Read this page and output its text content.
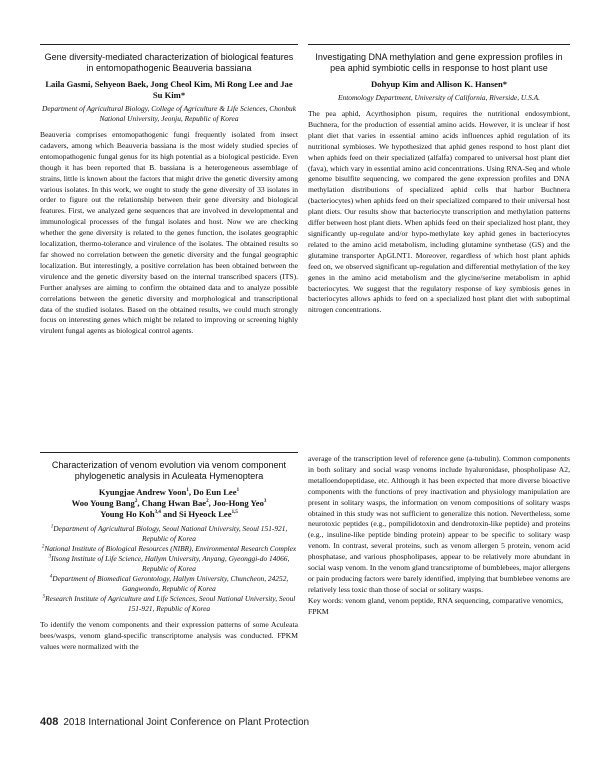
Gene diversity-mediated characterization of biological features in entomopathogenic Beauveria bassiana
Laila Gasmi, Sehyeon Baek, Jong Cheol Kim, Mi Rong Lee and Jae Su Kim*
Department of Agricultural Biology, College of Agriculture & Life Sciences, Chonbuk National University, Jeonju, Republic of Korea

Beauveria comprises entomopathogenic fungi frequently isolated from insect cadavers, among which Beauveria bassiana is the most widely studied species of entomopathogenic fungal genus for its high potential as a biological pesticide. Even though it has been reported that B. bassiana is a heterogeneous assemblage of strains, little is known about the factors that might drive the genetic diversity among various isolates. In this work, we ought to study the gene diversity of 33 isolates in order to figure out the relationship between their gene diversity and biological features. First, we analyzed gene sequences that are involved in developmental and immunological processes of the fungal isolates and host. Now we are checking whether the gene diversity is related to the genes function, the isolates geographic localization, thermo-tolerance and virulence of the isolates. The obtained results so far showed no correlation between the genetic diversity and the fungal geographic localization. But interestingly, a positive correlation has been obtained between the virulence and the genetic diversity based on the internal transcribed spacers (ITS). Further analyses are aiming to confirm the obtained data and to analyze possible correlations between the genetic diversity and morphological and transcriptional data of the studied isolates. Based on the obtained results, we could much strongly focus on interesting genes which might be related to improving or screening highly virulent fungal agents as biological control agents.

Investigating DNA methylation and gene expression profiles in pea aphid symbiotic cells in response to host plant use
Dohyup Kim and Allison K. Hansen*
Entomology Department, University of California, Riverside, U.S.A.

The pea aphid, Acyrthosiphon pisum, requires the nutritional endosymbiont, Buchnera, for the production of essential amino acids. However, it is unclear if host plant diet that varies in essential amino acids influences aphid regulation of its nutritional symbioses. We hypothesized that aphid genes respond to host plant diet when aphids feed on their specialized (alfalfa) compared to universal host plant diet (fava), which vary in essential amino acid concentrations. Using RNA-Seq and whole genome bisulfite sequencing, we compared the gene expression profiles and DNA methylation distributions of specialized aphid cells that harbor Buchnera (bacteriocytes) when aphids feed on their specialized compared to their universal host plant diets. Our results show that bacteriocyte transcription and methylation patterns differ between host plant diets. When aphids feed on their specialized host plant, they significantly up-regulate and/or hypo-methylate key aphid genes in bacteriocytes related to the amino acid metabolism, including glutamine synthetase (GS) and the glutamine transporter ApGLNT1. Moreover, regardless of which host plant aphids feed on, we observed significant up-regulation and differential methylation of the key genes in the amino acid metabolism and the glycine/serine metabolism in aphid bacteriocytes. We suggest that the regulatory response of key symbiosis genes in bacteriocytes allows aphids to feed on a specialized host plant diet with suboptimal nitrogen concentrations.

Characterization of venom evolution via venom component phylogenetic analysis in Aculeata Hymenoptera
Kyungjae Andrew Yoon$^1$, Do Eun Lee$^1$
Woo Young Bang$^2$, Chang Hwan Bae$^2$, Joo-Hong Yeo$^3$
Young Ho Koh$^{3,4}$ and Si Hyeock Lee$^{1,5}$
$^1$Department of Agricultural Biology, Seoul National University, Seoul 151-921, Republic of Korea
$^2$National Institute of Biological Resources (NIBR), Environmental Research Complex
$^3$Ilsong Institute of Life Science, Hallym University, Anyang, Gyeonggi-do 14066, Republic of Korea
$^4$Department of Biomedical Gerontology, Hallym University, Chuncheon, 24252, Gangwondo, Republic of Korea
$^5$Research Institute of Agriculture and Life Sciences, Seoul National University, Seoul 151-921, Republic of Korea

To identify the venom components and their expression patterns of some Aculeata bees/wasps, venom gland-specific transcriptome analysis was conducted. FPKM values were normalized with the

average of the transcription level of reference gene (a-tubulin). Common components in both solitary and social wasp venoms include hyaluronidase, phospholipase A2, metalloendopeptidase, etc. Although it has been expected that more diverse bioactive components with the functions of prey inactivation and physiology manipulation are present in solitary wasps, the information on venom compositions of solitary wasps obtained in this study was not sufficient to generalize this notion. Nevertheless, some neurotoxic peptides (e.g., pompilidotoxin and dendrotoxin-like peptide) and proteins (e.g., insuline-like peptide binding protein) appear to be specific to solitary wasp venom. In contrast, several proteins, such as venom allergen 5 protein, venom acid phosphatase, and various phospholipases, appear to be relatively more abundant in social wasp venom. In the venom gland trancsriptome of bumblebees, major allergens or pain producing factors were barely identified, implying that bumblebee venoms are relatively less toxic than those of social or solitary wasps.

Key words: venom gland, venom peptide, RNA sequencing, comparative venomics, FPKM
408 2018 International Joint Conference on Plant Protection
